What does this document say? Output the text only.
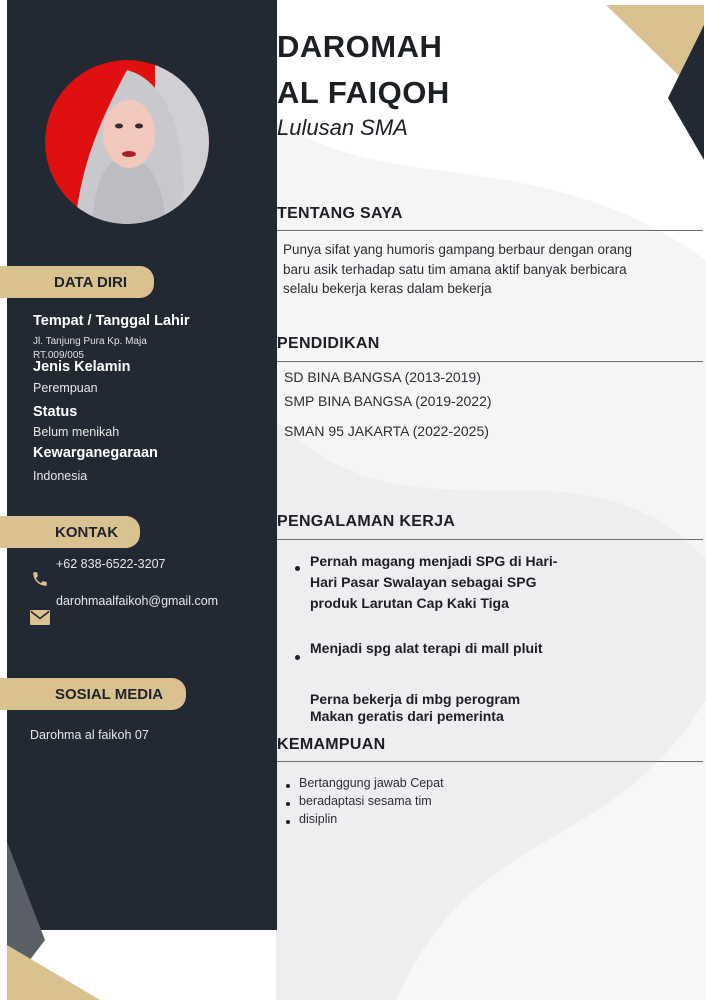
DATA DIRI
Tempat / Tanggal Lahir
Jl. Tanjung Pura Kp. Maja RT.009/005
Jenis Kelamin
Perempuan
Status
Belum menikah
Kewarganegaraan
Indonesia
KONTAK
+62 838-6522-3207
darohmaalfaikoh@gmail.com
SOSIAL MEDIA
Darohma al faikoh 07
DAROMAH
AL FAIQOH
Lulusan SMA
TENTANG SAYA
Punya sifat yang humoris gampang berbaur dengan orang baru asik terhadap satu tim amana aktif banyak berbicara selalu bekerja keras dalam bekerja
PENDIDIKAN
SD BINA BANGSA (2013-2019)
SMP BINA BANGSA (2019-2022)
SMAN 95 JAKARTA (2022-2025)
PENGALAMAN KERJA
Pernah magang menjadi SPG di Hari-Hari Pasar Swalayan sebagai SPG produk Larutan Cap Kaki Tiga
Menjadi spg alat terapi di mall pluit
Perna bekerja di mbg perogram Makan geratis dari pemerinta
KEMAMPUAN
Bertanggung jawab Cepat
beradaptasi sesama tim
disiplin
